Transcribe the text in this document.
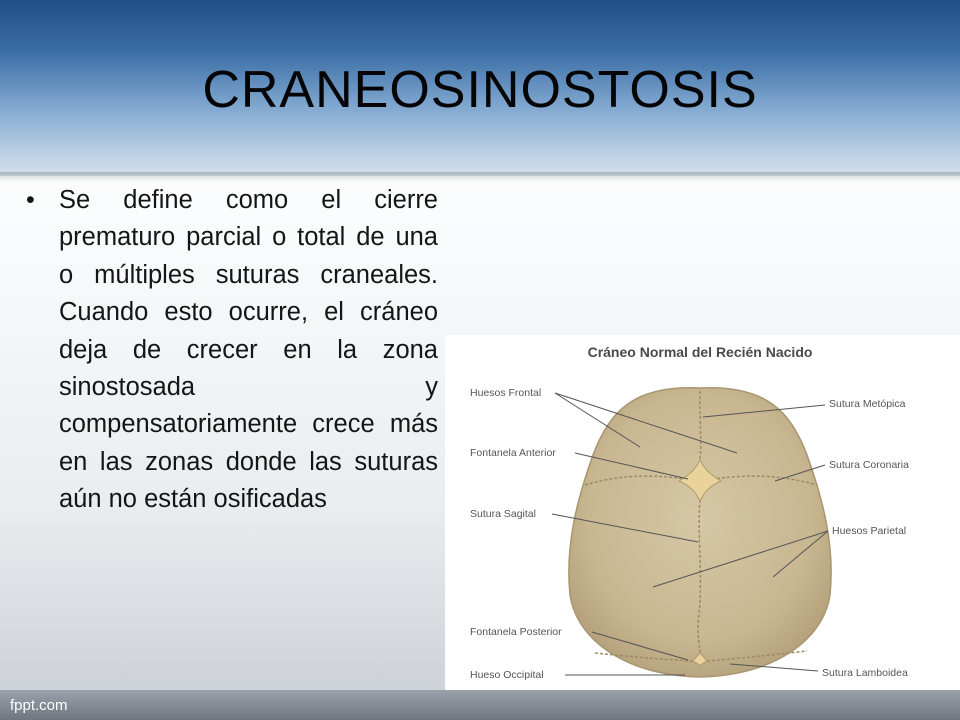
CRANEOSINOSTOSIS
• Se define como el cierre prematuro parcial o total de una o múltiples suturas craneales. Cuando esto ocurre, el cráneo deja de crecer en la zona sinostosada y compensatoriamente crece más en las zonas donde las suturas aún no están osificadas
Cráneo Normal del Recién Nacido
Huesos Frontal
Fontanela Anterior
Sutura Sagital
Fontanela Posterior
Hueso Occipital
Sutura Metópica
Sutura Coronaria
Huesos Parietal
Sutura Lamboidea
fppt.com
